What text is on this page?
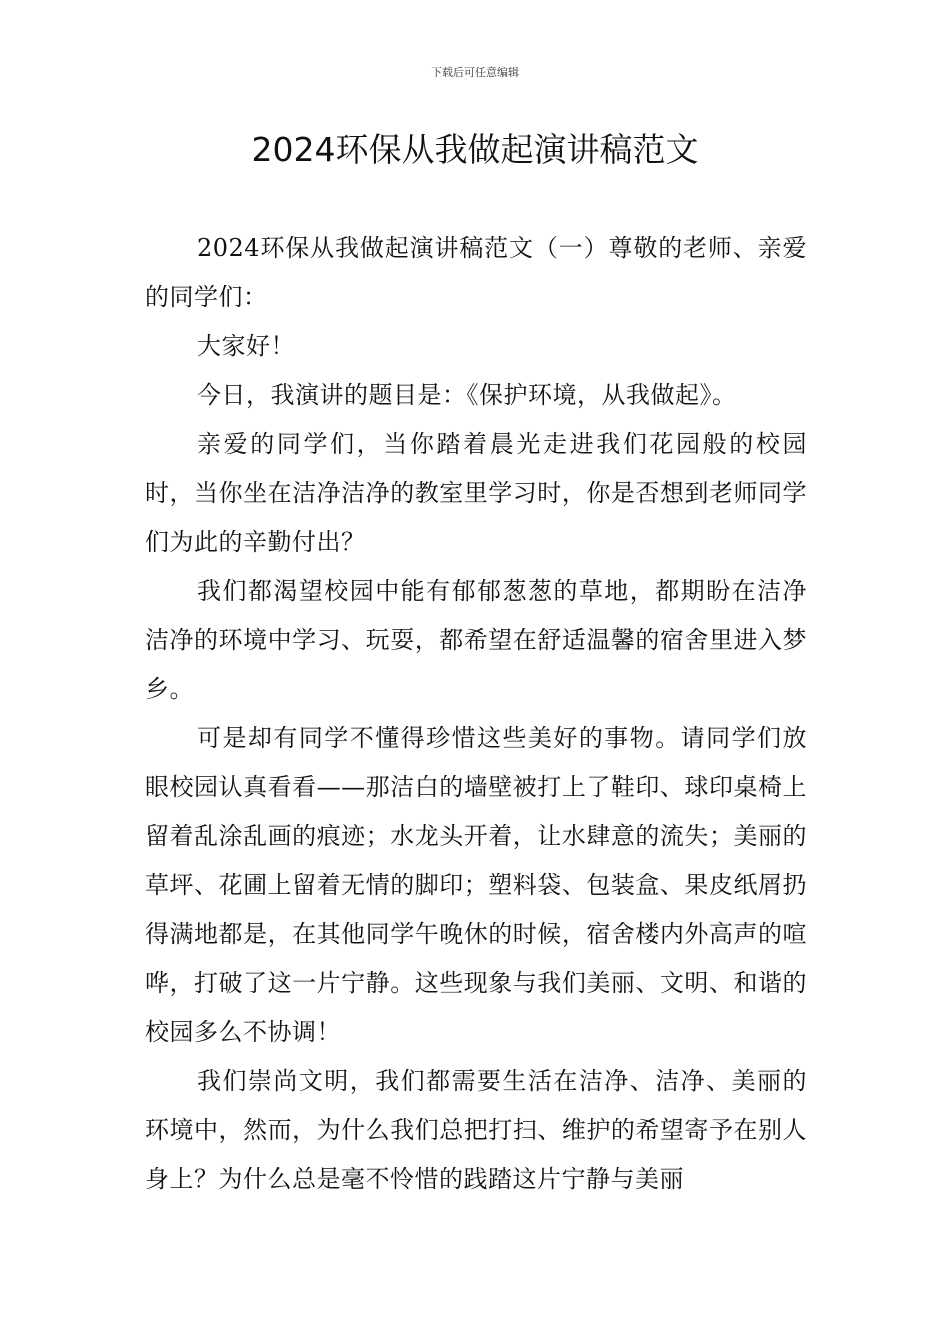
下载后可任意编辑
2024环保从我做起演讲稿范文

2024环保从我做起演讲稿范文（一）尊敬的老师、亲爱的同学们：

大家好！

今日，我演讲的题目是：《保护环境，从我做起》。

亲爱的同学们，当你踏着晨光走进我们花园般的校园时，当你坐在洁净洁净的教室里学习时，你是否想到老师同学们为此的辛勤付出？

我们都渴望校园中能有郁郁葱葱的草地，都期盼在洁净洁净的环境中学习、玩耍，都希望在舒适温馨的宿舍里进入梦乡。

可是却有同学不懂得珍惜这些美好的事物。请同学们放眼校园认真看看——那洁白的墙壁被打上了鞋印、球印桌椅上留着乱涂乱画的痕迹；水龙头开着，让水肆意的流失；美丽的草坪、花圃上留着无情的脚印；塑料袋、包装盒、果皮纸屑扔得满地都是，在其他同学午晚休的时候，宿舍楼内外高声的喧哗，打破了这一片宁静。这些现象与我们美丽、文明、和谐的校园多么不协调！

我们崇尚文明，我们都需要生活在洁净、洁净、美丽的环境中，然而，为什么我们总把打扫、维护的希望寄予在别人身上？为什么总是毫不怜惜的践踏这片宁静与美丽
